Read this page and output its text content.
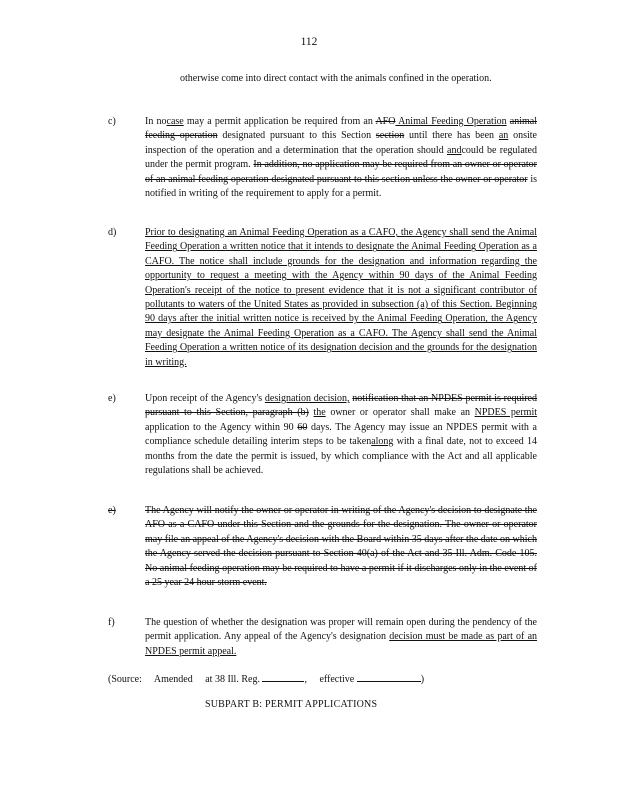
112
otherwise come into direct contact with the animals confined in the operation.
c)	In nocase may a permit application be required from an AFO Animal Feeding Operation animal feeding operation designated pursuant to this Section section until there has been an onsite inspection of the operation and a determination that the operation should andcould be regulated under the permit program. In addition, no application may be required from an owner or operator of an animal feeding operation designated pursuant to this section unless the owner or operator is notified in writing of the requirement to apply for a permit.
d)	Prior to designating an Animal Feeding Operation as a CAFO, the Agency shall send the Animal Feeding Operation a written notice that it intends to designate the Animal Feeding Operation as a CAFO. The notice shall include grounds for the designation and information regarding the opportunity to request a meeting with the Agency within 90 days of the Animal Feeding Operation's receipt of the notice to present evidence that it is not a significant contributor of pollutants to waters of the United States as provided in subsection (a) of this Section. Beginning 90 days after the initial written notice is received by the Animal Feeding Operation, the Agency may designate the Animal Feeding Operation as a CAFO. The Agency shall send the Animal Feeding Operation a written notice of its designation decision and the grounds for the designation in writing.
e)	Upon receipt of the Agency's designation decision, notification that an NPDES permit is required pursuant to this Section, paragraph (b) the owner or operator shall make an NPDES permit application to the Agency within 90 60 days. The Agency may issue an NPDES permit with a compliance schedule detailing interim steps to be takenalong with a final date, not to exceed 14 months from the date the permit is issued, by which compliance with the Act and all applicable regulations shall be achieved.
e)	The Agency will notify the owner or operator in writing of the Agency's decision to designate the AFO as a CAFO under this Section and the grounds for the designation. The owner or operator may file an appeal of the Agency's decision with the Board within 35 days after the date on which the Agency served the decision pursuant to Section 40(a) of the Act and 35 Ill. Adm. Code 105. No animal feeding operation may be required to have a permit if it discharges only in the event of a 25 year 24 hour storm event.
f)	The question of whether the designation was proper will remain open during the pendency of the permit application. Any appeal of the Agency's designation decision must be made as part of an NPDES permit appeal.
(Source: Amended at 38 Ill. Reg.	, effective	)
SUBPART B: PERMIT APPLICATIONS
